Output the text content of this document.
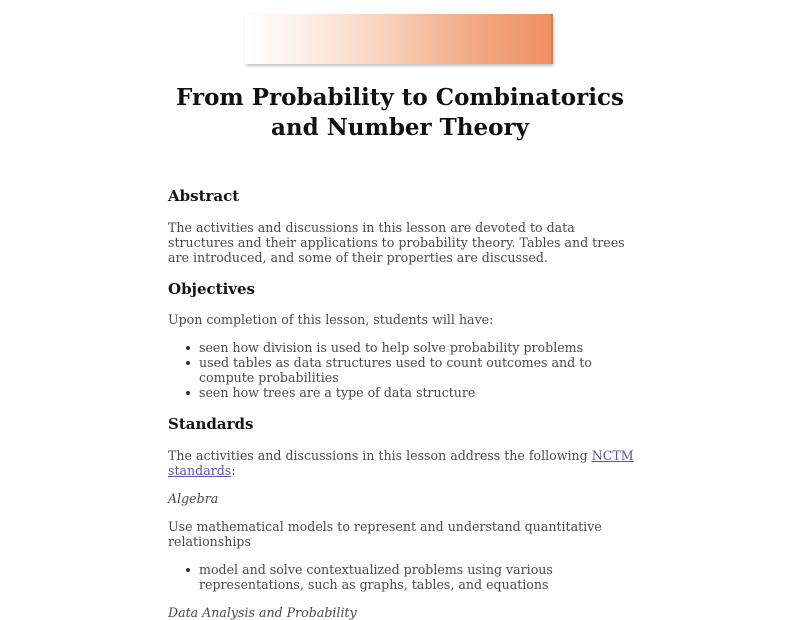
From Probability to Combinatorics and Number Theory
Abstract

The activities and discussions in this lesson are devoted to data structures and their applications to probability theory. Tables and trees are introduced, and some of their properties are discussed.

Objectives

Upon completion of this lesson, students will have:

seen how division is used to help solve probability problems
used tables as data structures used to count outcomes and to compute probabilities
seen how trees are a type of data structure
Standards

The activities and discussions in this lesson address the following NCTM standards:

Algebra

Use mathematical models to represent and understand quantitative relationships

model and solve contextualized problems using various representations, such as graphs, tables, and equations

Data Analysis and Probability
